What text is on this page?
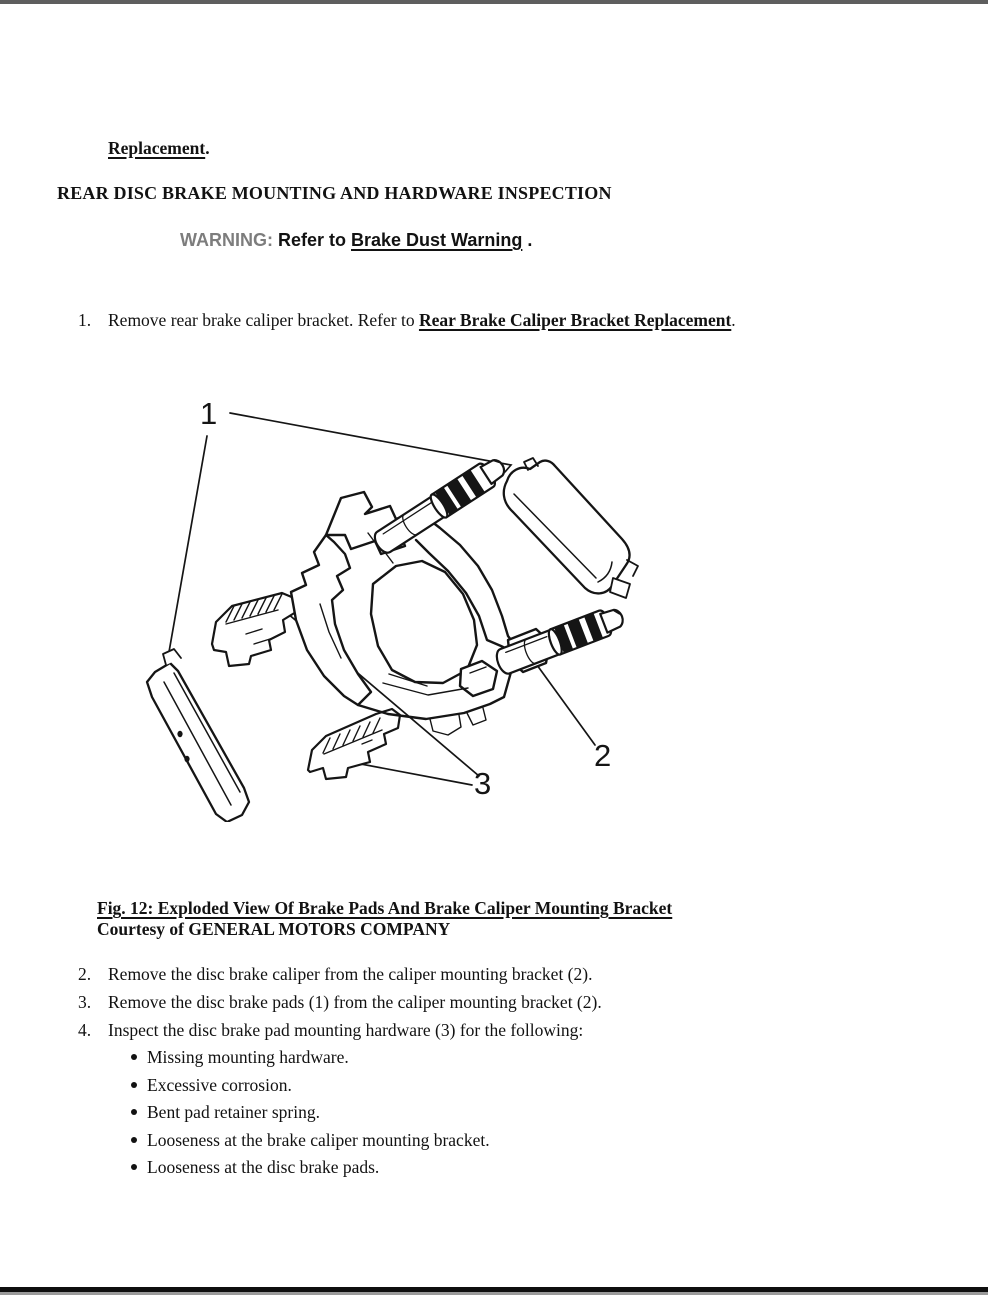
Replacement.
REAR DISC BRAKE MOUNTING AND HARDWARE INSPECTION
WARNING: Refer to Brake Dust Warning .
1. Remove rear brake caliper bracket. Refer to Rear Brake Caliper Bracket Replacement.
1
2
3
Fig. 12: Exploded View Of Brake Pads And Brake Caliper Mounting Bracket
Courtesy of GENERAL MOTORS COMPANY
2. Remove the disc brake caliper from the caliper mounting bracket (2).
3. Remove the disc brake pads (1) from the caliper mounting bracket (2).
4. Inspect the disc brake pad mounting hardware (3) for the following:
Missing mounting hardware.
Excessive corrosion.
Bent pad retainer spring.
Looseness at the brake caliper mounting bracket.
Looseness at the disc brake pads.
